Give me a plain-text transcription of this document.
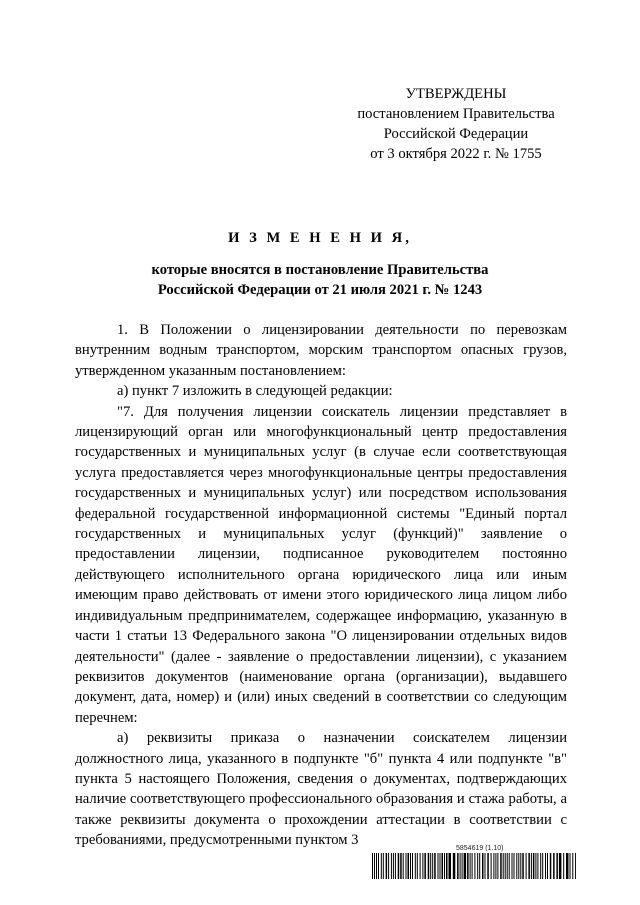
УТВЕРЖДЕНЫ
постановлением Правительства
Российской Федерации
от 3 октября 2022 г. № 1755
И З М Е Н Е Н И Я,
которые вносятся в постановление Правительства
Российской Федерации от 21 июля 2021 г. № 1243

1. В Положении о лицензировании деятельности по перевозкам внутренним водным транспортом, морским транспортом опасных грузов, утвержденном указанным постановлением:

а) пункт 7 изложить в следующей редакции:

"7. Для получения лицензии соискатель лицензии представляет в лицензирующий орган или многофункциональный центр предоставления государственных и муниципальных услуг (в случае если соответствующая услуга предоставляется через многофункциональные центры предоставления государственных и муниципальных услуг) или посредством использования федеральной государственной информационной системы "Единый портал государственных и муниципальных услуг (функций)" заявление о предоставлении лицензии, подписанное руководителем постоянно действующего исполнительного органа юридического лица или иным имеющим право действовать от имени этого юридического лица лицом либо индивидуальным предпринимателем, содержащее информацию, указанную в части 1 статьи 13 Федерального закона "О лицензировании отдельных видов деятельности" (далее - заявление о предоставлении лицензии), с указанием реквизитов документов (наименование органа (организации), выдавшего документ, дата, номер) и (или) иных сведений в соответствии со следующим перечнем:

а) реквизиты приказа о назначении соискателем лицензии должностного лица, указанного в подпункте "б" пункта 4 или подпункте "в" пункта 5 настоящего Положения, сведения о документах, подтверждающих наличие соответствующего профессионального образования и стажа работы, а также реквизиты документа о прохождении аттестации в соответствии с требованиями, предусмотренными пунктом 3

5854619 (1.10)
